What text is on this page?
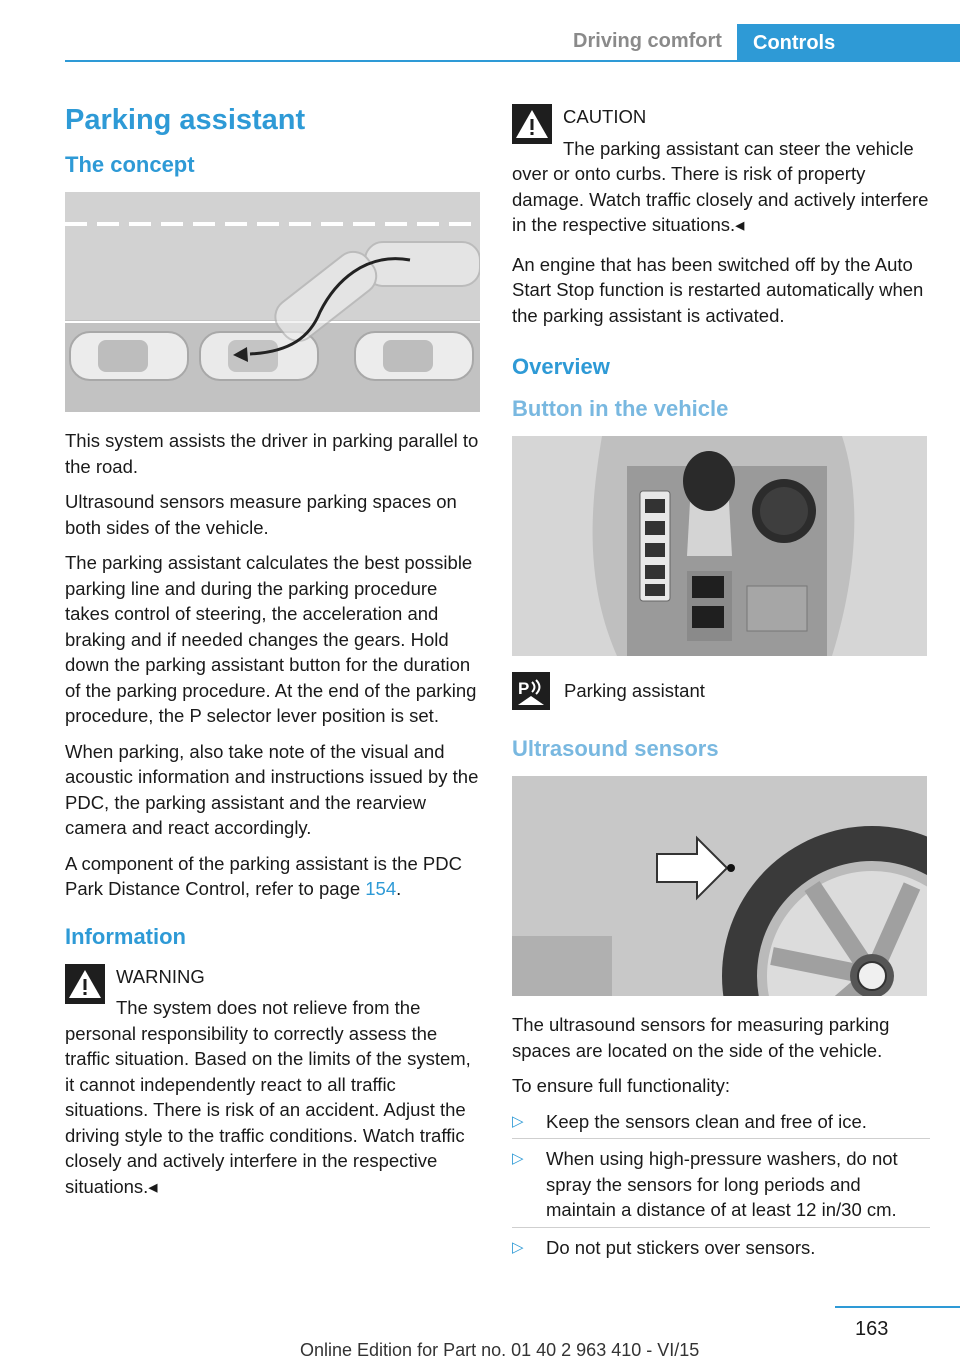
Driving comfort	Controls
Parking assistant
The concept

This system assists the driver in parking parallel to the road.

Ultrasound sensors measure parking spaces on both sides of the vehicle.

The parking assistant calculates the best possible parking line and during the parking procedure takes control of steering, the acceleration and braking and if needed changes the gears. Hold down the parking assistant button for the duration of the parking procedure. At the end of the parking procedure, the P selector lever position is set.

When parking, also take note of the visual and acoustic information and instructions issued by the PDC, the parking assistant and the rearview camera and react accordingly.

A component of the parking assistant is the PDC Park Distance Control, refer to page 154.

Information
WARNING

The system does not relieve from the personal responsibility to correctly assess the traffic situation. Based on the limits of the system, it cannot independently react to all traffic situations. There is risk of an accident. Adjust the driving style to the traffic conditions. Watch traffic closely and actively interfere in the respective situations.◂

CAUTION

The parking assistant can steer the vehicle over or onto curbs. There is risk of property damage. Watch traffic closely and actively interfere in the respective situations.◂

An engine that has been switched off by the Auto Start Stop function is restarted automatically when the parking assistant is activated.

Overview
Button in the vehicle
P Parking assistant
Ultrasound sensors

The ultrasound sensors for measuring parking spaces are located on the side of the vehicle.

To ensure full functionality:

▷ Keep the sensors clean and free of ice.
▷ When using high-pressure washers, do not spray the sensors for long periods and maintain a distance of at least 12 in/30 cm.
▷ Do not put stickers over sensors.
163
Online Edition for Part no. 01 40 2 963 410 - VI/15
